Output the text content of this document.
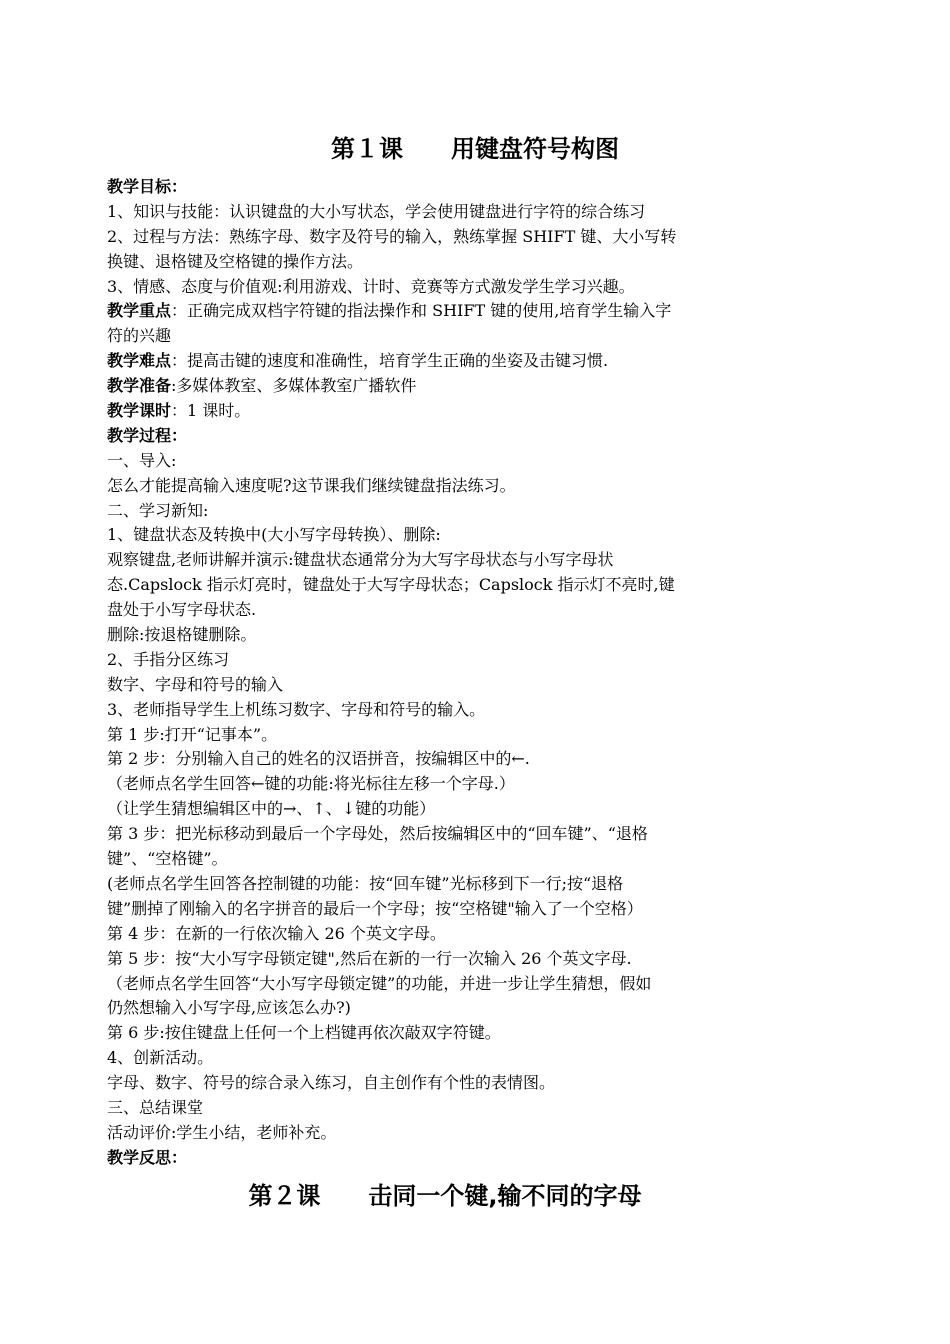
第１课　　用键盘符号构图
教学目标：
1、知识与技能：认识键盘的大小写状态，学会使用键盘进行字符的综合练习
2、过程与方法：熟练字母、数字及符号的输入，熟练掌握 SHIFT 键、大小写转
换键、退格键及空格键的操作方法。
3、情感、态度与价值观:利用游戏、计时、竞赛等方式激发学生学习兴趣。
教学重点：正确完成双档字符键的指法操作和 SHIFT 键的使用,培育学生输入字
符的兴趣
教学难点：提高击键的速度和准确性，培育学生正确的坐姿及击键习惯.
教学准备:多媒体教室、多媒体教室广播软件
教学课时：1 课时。
教学过程：
一、导入:
怎么才能提高输入速度呢?这节课我们继续键盘指法练习。
二、学习新知:
1、键盘状态及转换中(大小写字母转换）、删除:
观察键盘,老师讲解并演示:键盘状态通常分为大写字母状态与小写字母状
态.Capslock 指示灯亮时，键盘处于大写字母状态；Capslock 指示灯不亮时,键
盘处于小写字母状态.
删除:按退格键删除。
2、手指分区练习
数字、字母和符号的输入
3、老师指导学生上机练习数字、字母和符号的输入。
第 1 步:打开“记事本”。
第 2 步：分别输入自己的姓名的汉语拼音，按编辑区中的←.
（老师点名学生回答←键的功能:将光标往左移一个字母.）
（让学生猜想编辑区中的→、↑、↓键的功能）
第 3 步：把光标移动到最后一个字母处，然后按编辑区中的“回车键”、“退格
键”、“空格键”。
(老师点名学生回答各控制键的功能：按“回车键”光标移到下一行;按“退格
键”删掉了刚输入的名字拼音的最后一个字母；按“空格键"输入了一个空格）
第 4 步：在新的一行依次输入 26 个英文字母。
第 5 步：按“大小写字母锁定键",然后在新的一行一次输入 26 个英文字母.
（老师点名学生回答“大小写字母锁定键”的功能，并进一步让学生猜想，假如
仍然想输入小写字母,应该怎么办?)
第 6 步:按住键盘上任何一个上档键再依次敲双字符键。
4、创新活动。
字母、数字、符号的综合录入练习，自主创作有个性的表情图。
三、总结课堂
活动评价:学生小结，老师补充。
教学反思：
第２课　　击同一个键,输不同的字母
